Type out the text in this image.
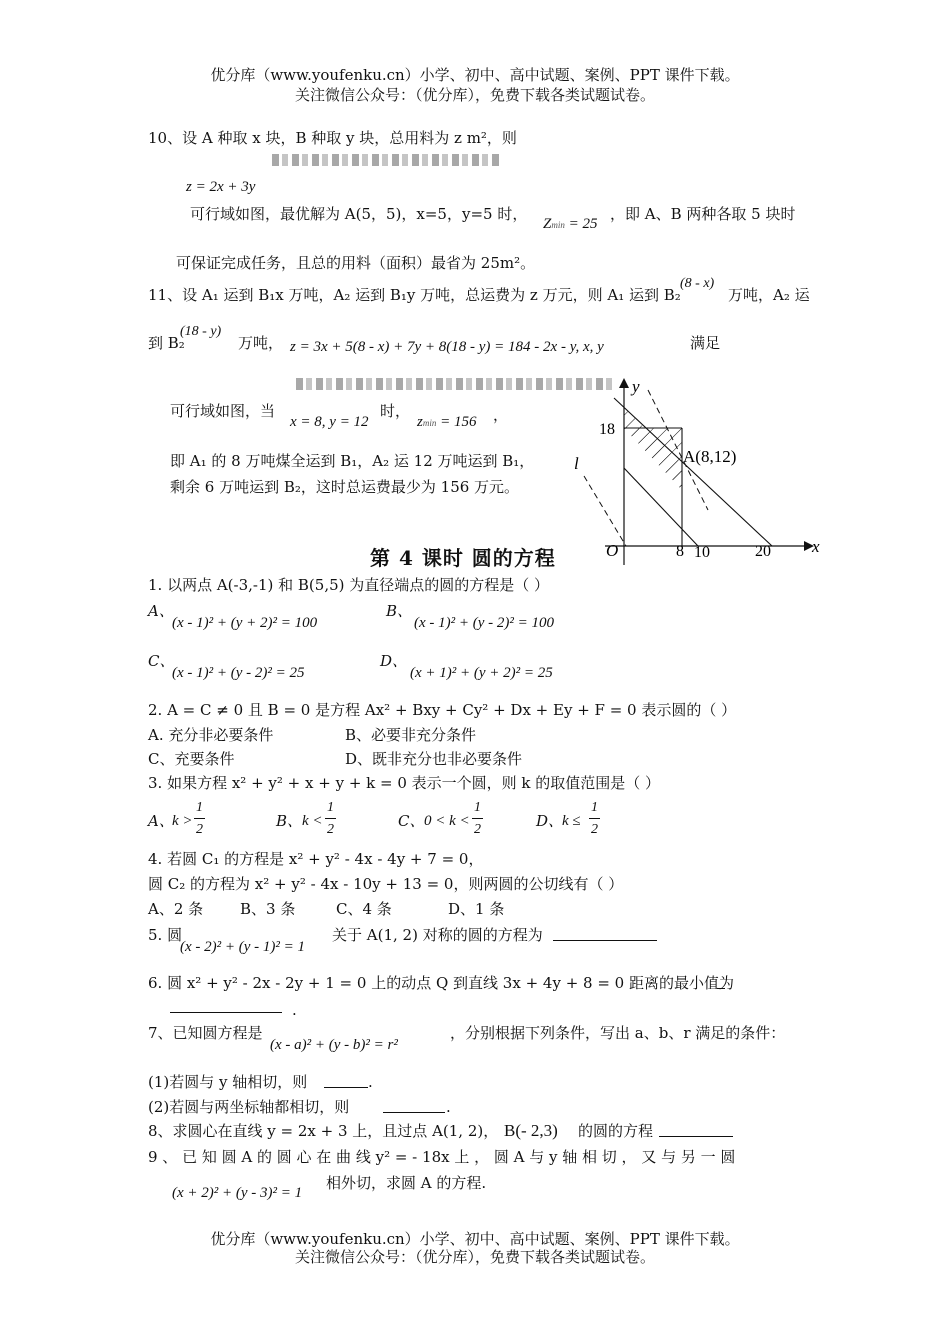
优分库（www.youfenku.cn）小学、初中、高中试题、案例、PPT 课件下载。
关注微信公众号：（优分库），免费下载各类试题试卷。
10、设 A 种取 x 块，B 种取 y 块，总用料为 z m²，则
z = 2x + 3y
可行域如图，最优解为 A(5，5)，x=5，y=5 时，
Zmin = 25
，即 A、B 两种各取 5 块时
可保证完成任务，且总的用料（面积）最省为 25m²。
11、设 A₁ 运到 B₁x 万吨，A₂ 运到 B₁y 万吨，总运费为 z 万元，则 A₁ 运到 B₂
(8 - x)
万吨，A₂ 运
到 B₂
(18 - y)
万吨， z = 3x + 5(8 - x) + 7y + 8(18 - y) = 184 - 2x - y, x, y	满足
可行域如图，当
x = 8, y = 12
时，
zmin = 156 ，
即 A₁ 的 8 万吨煤全运到 B₁，A₂ 运 12 万吨运到 B₁，
剩余 6 万吨运到 B₂，这时总运费最少为 156 万元。
y
x
O
18
8 10	20
A(8,12)
l
第 4 课时 圆的方程
1. 以两点 A(-3,-1) 和 B(5,5) 为直径端点的圆的方程是（ ）
A、
(x - 1)² + (y + 2)² = 100
B、
(x - 1)² + (y - 2)² = 100
C、
(x - 1)² + (y - 2)² = 25
D、
(x + 1)² + (y + 2)² = 25
2. A = C ≠ 0 且 B = 0 是方程 Ax² + Bxy + Cy² + Dx + Ey + F = 0 表示圆的（ ）
A. 充分非必要条件	B、必要非充分条件
C、充要条件	D、既非充分也非必要条件
3. 如果方程 x² + y² + x + y + k = 0 表示一个圆，则 k 的取值范围是（ ）
A、
k >
1
2	B、 k <
1
2	C、 0 < k <
1
2	D、
k ≤
1
2
4. 若圆 C₁ 的方程是 x² + y² - 4x - 4y + 7 = 0，
圆 C₂ 的方程为 x² + y² - 4x - 10y + 13 = 0，则两圆的公切线有（ ）
A、2 条 B、3 条	C、4 条	D、1 条
5. 圆
(x - 2)² + (y - 1)² = 1
关于 A(1, 2) 对称的圆的方程为
6. 圆 x² + y² - 2x - 2y + 1 = 0 上的动点 Q 到直线 3x + 4y + 8 = 0 距离的最小值为
.
7、已知圆方程是
(x - a)² + (y - b)² = r²
，分别根据下列条件，写出 a、b、r 满足的条件：
(1)若圆与 y 轴相切，则	.
(2)若圆与两坐标轴都相切，则	.
8、求圆心在直线 y = 2x + 3 上，且过点 A(1, 2)， B(- 2,3) 的圆的方程
9 、 已 知 圆 A 的 圆 心 在 曲 线 y² = - 18x 上 ， 圆 A 与 y 轴 相 切 ， 又 与 另 一 圆
(x + 2)² + (y - 3)² = 1
相外切，求圆 A 的方程.
优分库（www.youfenku.cn）小学、初中、高中试题、案例、PPT 课件下载。
关注微信公众号：（优分库），免费下载各类试题试卷。
